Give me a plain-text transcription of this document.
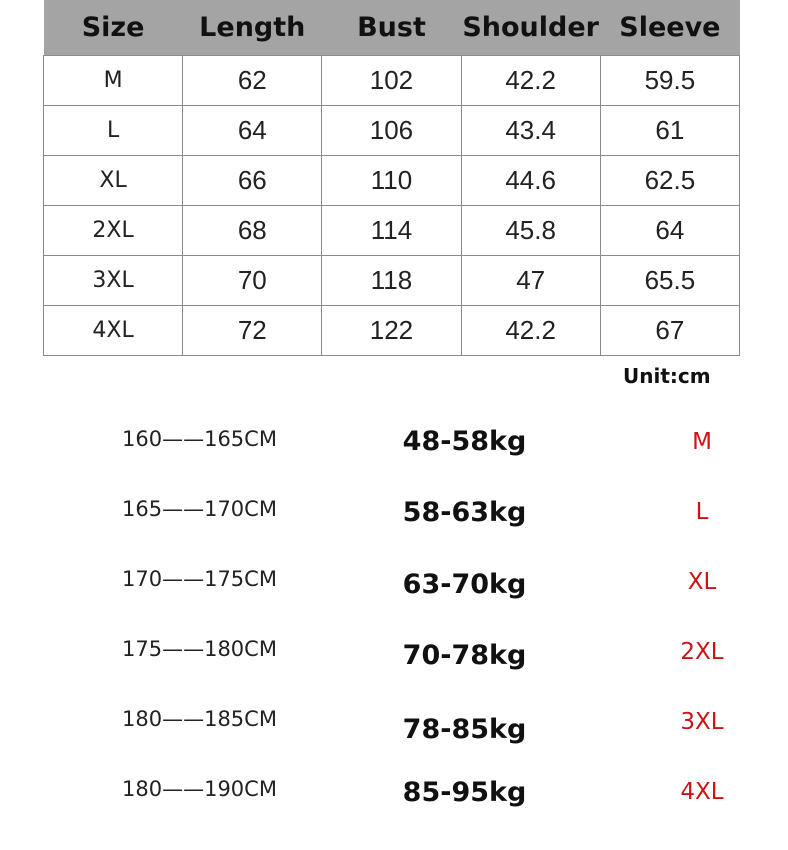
Size	Length	Bust	Shoulder	Sleeve
M	62	102	42.2	59.5
L	64	106	43.4	61
XL	66	110	44.6	62.5
2XL	68	114	45.8	64
3XL	70	118	47	65.5
4XL	72	122	42.2	67
Unit:cm
160——165CM	48-58kg	M
165——170CM	58-63kg	L
170——175CM	63-70kg	XL
175——180CM	70-78kg	2XL
180——185CM	78-85kg	3XL
180——190CM	85-95kg	4XL
